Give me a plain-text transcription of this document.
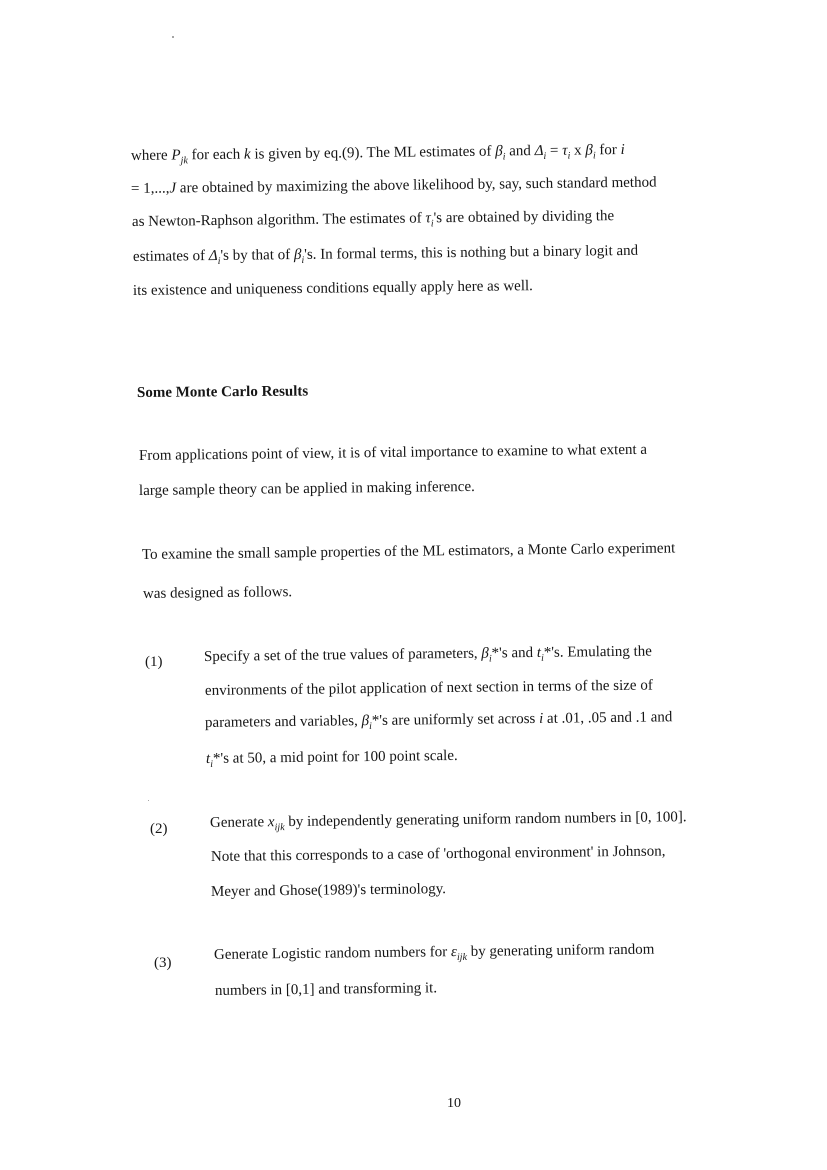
where $P_{jk}$ for each k is given by eq.(9). The ML estimates of $\beta_i$ and $\Delta_i = \tau_i$ x $\beta_i$ for i
= 1,...,J are obtained by maximizing the above likelihood by, say, such standard method
as Newton-Raphson algorithm. The estimates of $\tau_i's$ are obtained by dividing the
estimates of $\Delta_i's$ by that of $\beta_i's$. In formal terms, this is nothing but a binary logit and
its existence and uniqueness conditions equally apply here as well.
Some Monte Carlo Results
From applications point of view, it is of vital importance to examine to what extent a
large sample theory can be applied in making inference.
To examine the small sample properties of the ML estimators, a Monte Carlo experiment
was designed as follows.
(1)	Specify a set of the true values of parameters, $\beta_i*'s$ and $t_i*'s$. Emulating the
environments of the pilot application of next section in terms of the size of
parameters and variables, $\beta_i*'s$ are uniformly set across i at .01, .05 and .1 and
$t_i*'s$ at 50, a mid point for 100 point scale.
(2)	Generate $x_{ijk}$ by independently generating uniform random numbers in [0, 100].
Note that this corresponds to a case of 'orthogonal environment' in Johnson,
Meyer and Ghose(1989)'s terminology.
(3)
Generate Logistic random numbers for $\varepsilon_{ijk}$ by generating uniform random
numbers in [0,1] and transforming it.
10
